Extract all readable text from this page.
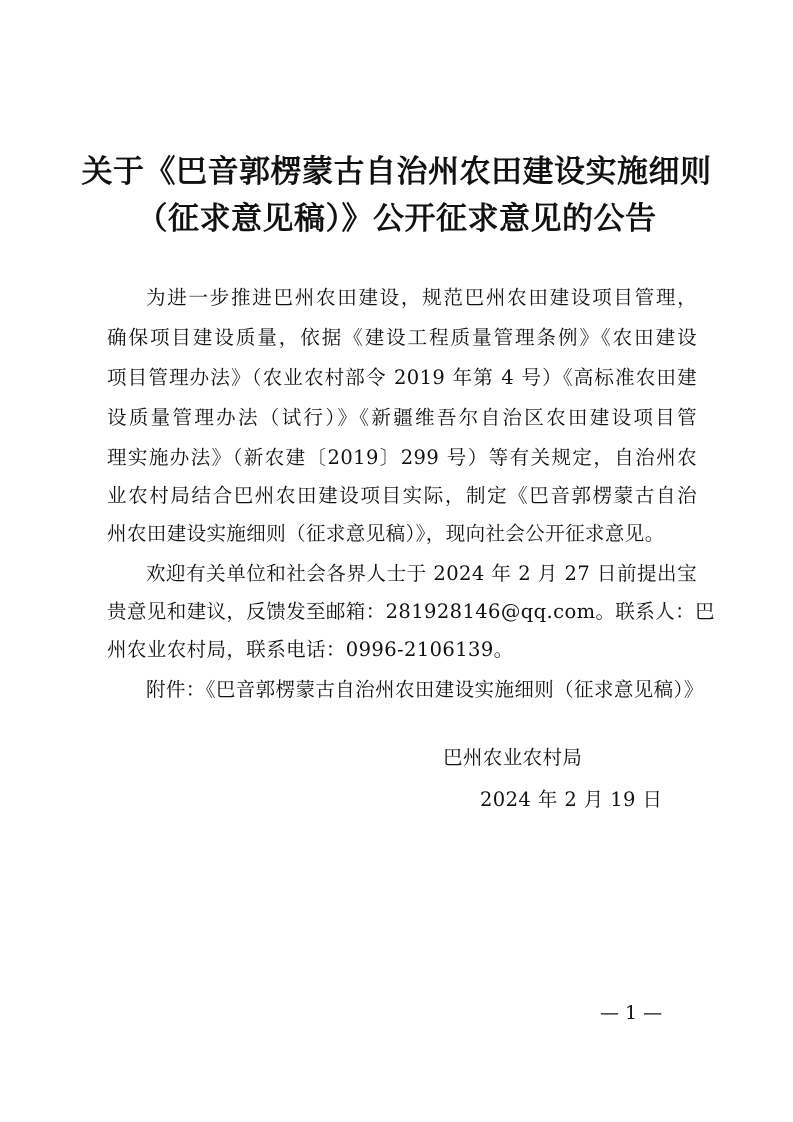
关于《巴音郭楞蒙古自治州农田建设实施细则
（征求意见稿）》公开征求意见的公告
为进一步推进巴州农田建设，规范巴州农田建设项目管理，
确保项目建设质量，依据《建设工程质量管理条例》《农田建设
项目管理办法》（农业农村部令 2019 年第 4 号）《高标准农田建
设质量管理办法（试行）》《新疆维吾尔自治区农田建设项目管
理实施办法》（新农建〔2019〕299 号）等有关规定，自治州农
业农村局结合巴州农田建设项目实际，制定《巴音郭楞蒙古自治
州农田建设实施细则（征求意见稿）》，现向社会公开征求意见。
欢迎有关单位和社会各界人士于 2024 年 2 月 27 日前提出宝
贵意见和建议，反馈发至邮箱：281928146@qq.com。联系人：巴
州农业农村局，联系电话：0996-2106139。
附件：《巴音郭楞蒙古自治州农田建设实施细则（征求意见稿）》
巴州农业农村局
2024 年 2 月 19 日
— 1 —
